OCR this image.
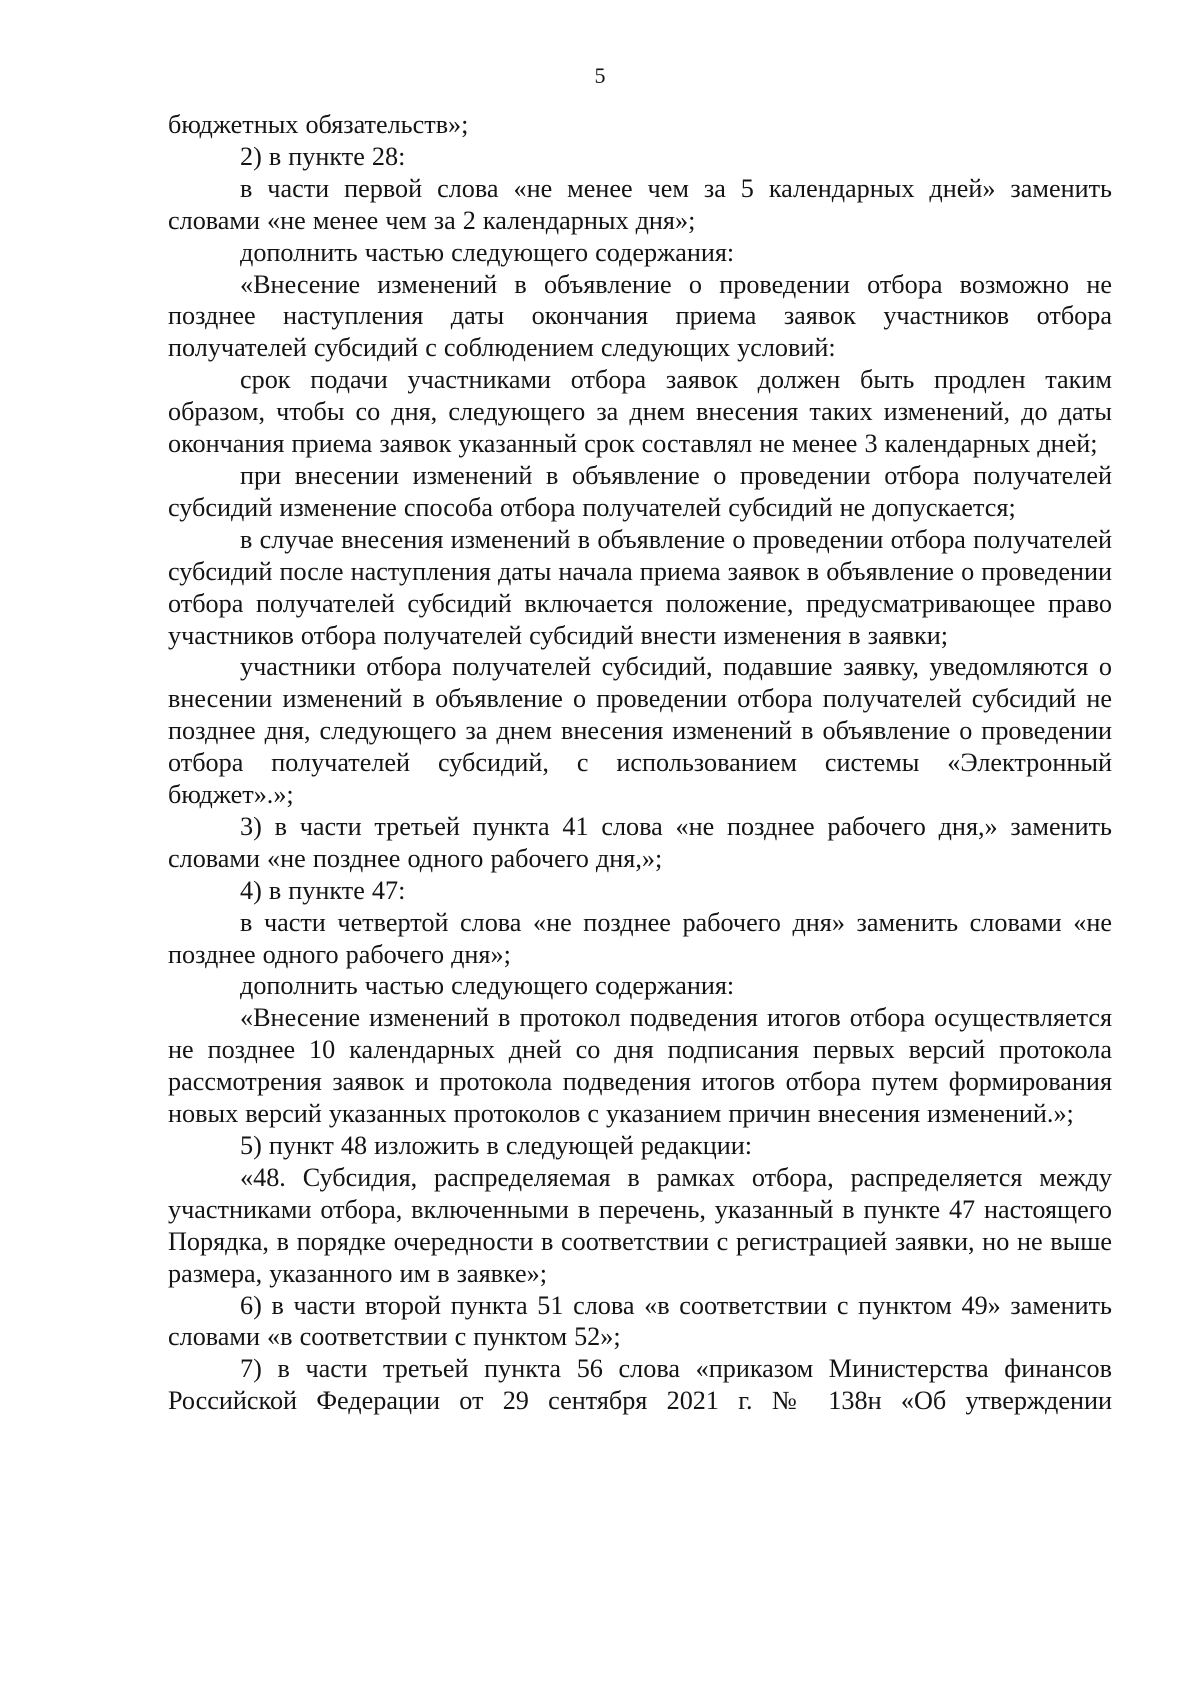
5

бюджетных обязательств»;

2) в пункте 28:

в части первой слова «не менее чем за 5 календарных дней» заменить словами «не менее чем за 2 календарных дня»;

дополнить частью следующего содержания:

«Внесение изменений в объявление о проведении отбора возможно не позднее наступления даты окончания приема заявок участников отбора получателей субсидий с соблюдением следующих условий:

срок подачи участниками отбора заявок должен быть продлен таким образом, чтобы со дня, следующего за днем внесения таких изменений, до даты окончания приема заявок указанный срок составлял не менее 3 календарных дней;

при внесении изменений в объявление о проведении отбора получателей субсидий изменение способа отбора получателей субсидий не допускается;

в случае внесения изменений в объявление о проведении отбора получателей субсидий после наступления даты начала приема заявок в объявление о проведении отбора получателей субсидий включается положение, предусматривающее право участников отбора получателей субсидий внести изменения в заявки;

участники отбора получателей субсидий, подавшие заявку, уведомляются о внесении изменений в объявление о проведении отбора получателей субсидий не позднее дня, следующего за днем внесения изменений в объявление о проведении отбора получателей субсидий, с использованием системы «Электронный бюджет».»;

3) в части третьей пункта 41 слова «не позднее рабочего дня,» заменить словами «не позднее одного рабочего дня,»;

4) в пункте 47:

в части четвертой слова «не позднее рабочего дня» заменить словами «не позднее одного рабочего дня»;

дополнить частью следующего содержания:

«Внесение изменений в протокол подведения итогов отбора осуществляется не позднее 10 календарных дней со дня подписания первых версий протокола рассмотрения заявок и протокола подведения итогов отбора путем формирования новых версий указанных протоколов с указанием причин внесения изменений.»;

5) пункт 48 изложить в следующей редакции:

«48. Субсидия, распределяемая в рамках отбора, распределяется между участниками отбора, включенными в перечень, указанный в пункте 47 настоящего Порядка, в порядке очередности в соответствии с регистрацией заявки, но не выше размера, указанного им в заявке»;

6) в части второй пункта 51 слова «в соответствии с пунктом 49» заменить словами «в соответствии с пунктом 52»;

7) в части третьей пункта 56 слова «приказом Министерства финансов Российской Федерации от 29 сентября 2021 г. № 138н «Об утверждении
